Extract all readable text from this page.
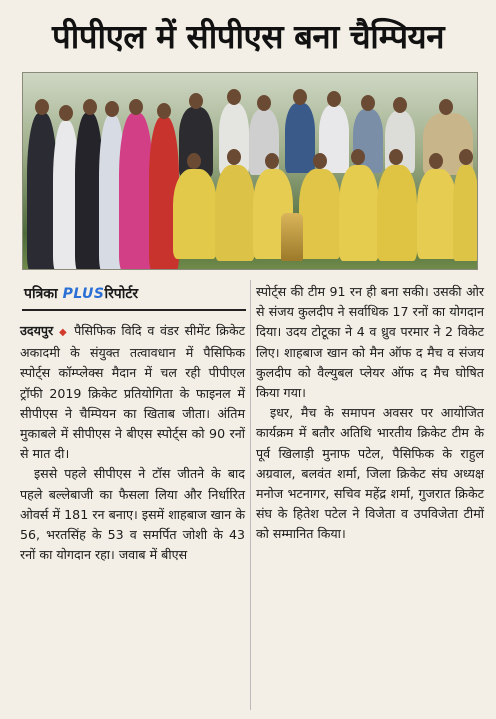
पीपीएल में सीपीएस बना चैम्पियन
पत्रिका PLUSरिपोर्टर

उदयपुर ◆ पैसिफिक विदि व वंडर सीमेंट क्रिकेट अकादमी के संयुक्त तत्वावधान में पैसिफिक स्पोर्ट्स कॉम्प्लेक्स मैदान में चल रही पीपीएल ट्रॉफी 2019 क्रिकेट प्रतियोगिता के फाइनल में सीपीएस ने चैम्पियन का खिताब जीता। अंतिम मुकाबले में सीपीएस ने बीएस स्पोर्ट्स को 90 रनों से मात दी।

इससे पहले सीपीएस ने टॉस जीतने के बाद पहले बल्लेबाजी का फैसला लिया और निर्धारित ओवर्स में 181 रन बनाए। इसमें शाहबाज खान के 56, भरतसिंह के 53 व समर्पित जोशी के 43 रनों का योगदान रहा। जवाब में बीएस

स्पोर्ट्स की टीम 91 रन ही बना सकी। उसकी ओर से संजय कुलदीप ने सर्वाधिक 17 रनों का योगदान दिया। उदय टोटूका ने 4 व ध्रुव परमार ने 2 विकेट लिए। शाहबाज खान को मैन ऑफ द मैच व संजय कुलदीप को वैल्युबल प्लेयर ऑफ द मैच घोषित किया गया।

इधर, मैच के समापन अवसर पर आयोजित कार्यक्रम में बतौर अतिथि भारतीय क्रिकेट टीम के पूर्व खिलाड़ी मुनाफ पटेल, पैसिफिक के राहुल अग्रवाल, बलवंत शर्मा, जिला क्रिकेट संघ अध्यक्ष मनोज भटनागर, सचिव महेंद्र शर्मा, गुजरात क्रिकेट संघ के हितेश पटेल ने विजेता व उपविजेता टीमों को सम्मानित किया।
